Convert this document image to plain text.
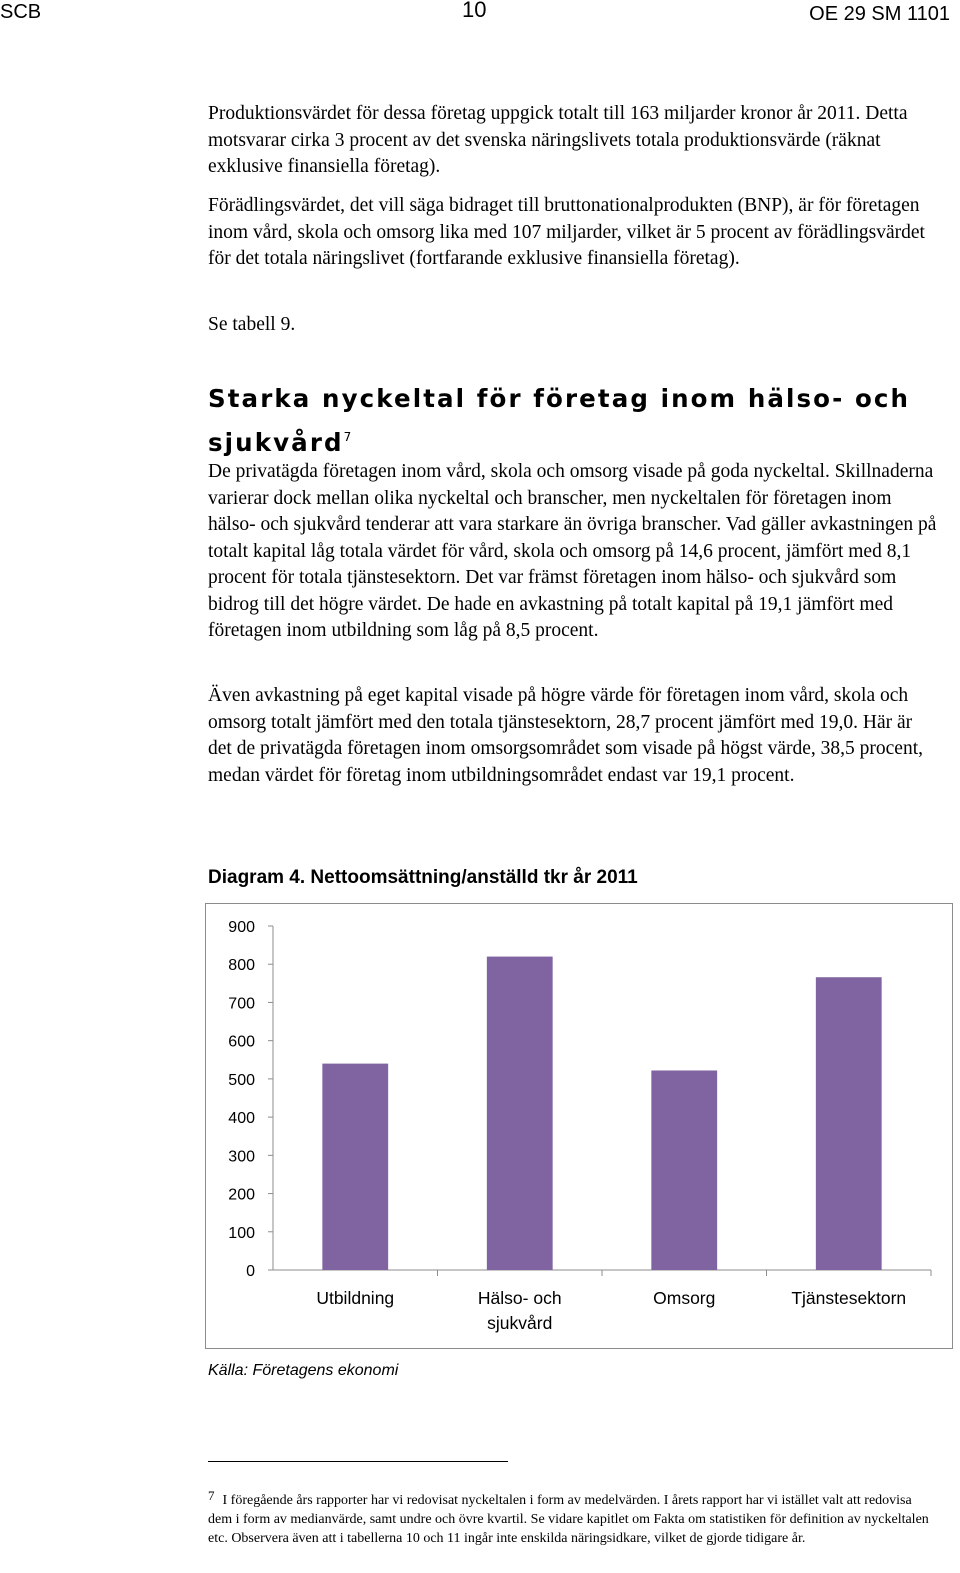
SCB	10	OE 29 SM 1101

Produktionsvärdet för dessa företag uppgick totalt till 163 miljarder kronor år 2011. Detta motsvarar cirka 3 procent av det svenska näringslivets totala produktionsvärde (räknat exklusive finansiella företag).

Förädlingsvärdet, det vill säga bidraget till bruttonationalprodukten (BNP), är för företagen inom vård, skola och omsorg lika med 107 miljarder, vilket är 5 procent av förädlingsvärdet för det totala näringslivet (fortfarande exklusive finansiella företag).

Se tabell 9.

Starka nyckeltal för företag inom hälso- och sjukvård$^7$

De privatägda företagen inom vård, skola och omsorg visade på goda nyckeltal. Skillnaderna varierar dock mellan olika nyckeltal och branscher, men nyckeltalen för företagen inom hälso- och sjukvård tenderar att vara starkare än övriga branscher. Vad gäller avkastningen på totalt kapital låg totala värdet för vård, skola och omsorg på 14,6 procent, jämfört med 8,1 procent för totala tjänstesektorn. Det var främst företagen inom hälso- och sjukvård som bidrog till det högre värdet. De hade en avkastning på totalt kapital på 19,1 jämfört med företagen inom utbildning som låg på 8,5 procent.

Även avkastning på eget kapital visade på högre värde för företagen inom vård, skola och omsorg totalt jämfört med den totala tjänstesektorn, 28,7 procent jämfört med 19,0. Här är det de privatägda företagen inom omsorgsområdet som visade på högst värde, 38,5 procent, medan värdet för företag inom utbildningsområdet endast var 19,1 procent.

Diagram 4. Nettoomsättning/anställd tkr år 2011
0
100
200
300
400
500
600
700
800
900
Utbildning	Hälso- och
sjukvård
Omsorg	Tjänstesektorn
Källa: Företagens ekonomi

$^7$ I föregående års rapporter har vi redovisat nyckeltalen i form av medelvärden. I årets rapport har vi istället valt att redovisa dem i form av medianvärde, samt undre och övre kvartil. Se vidare kapitlet om Fakta om statistiken för definition av nyckeltalen etc. Observera även att i tabellerna 10 och 11 ingår inte enskilda näringsidkare, vilket de gjorde tidigare år.
